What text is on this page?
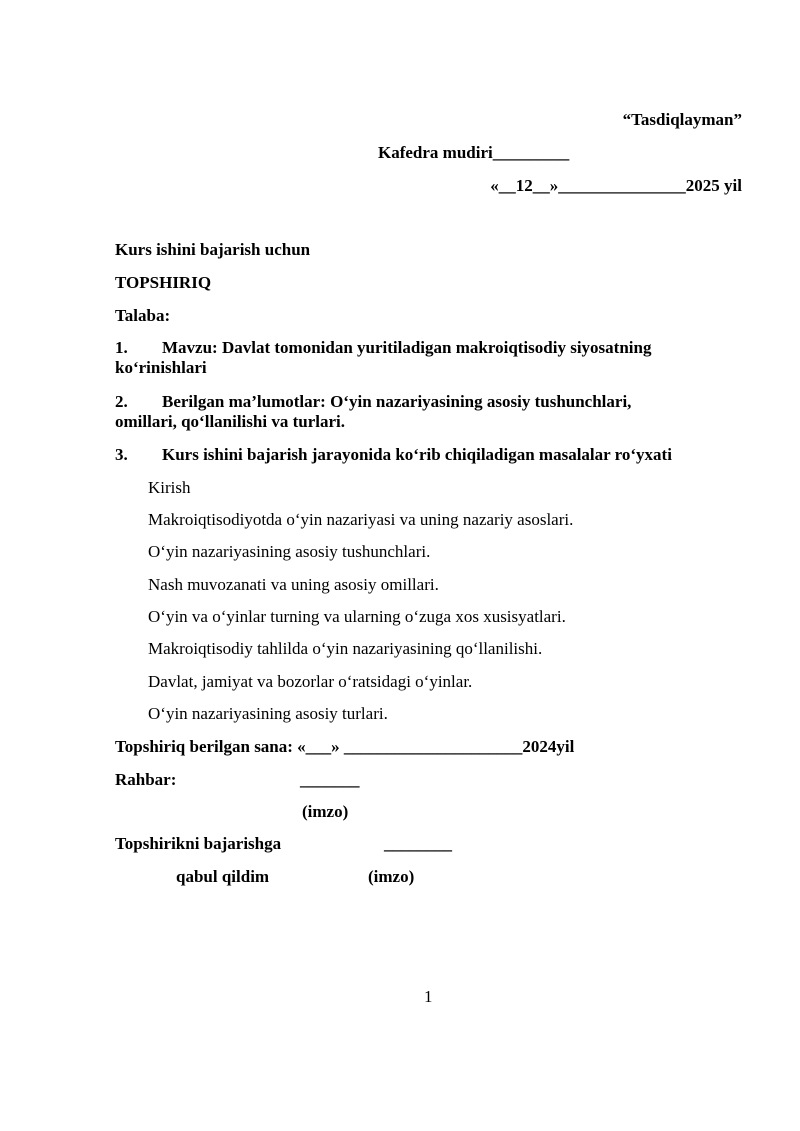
“Tasdiqlayman”
Kafedra mudiri_________
«__12__»_______________2025 yil
Kurs ishini bajarish uchun
TOPSHIRIQ
Talaba:
1. Mavzu: Davlat tomonidan yuritiladigan makroiqtisodiy siyosatning
ko‘rinishlari
2. Berilgan ma’lumotlar: O‘yin nazariyasining asosiy tushunchlari,
omillari, qo‘llanilishi va turlari.
3. Kurs ishini bajarish jarayonida ko‘rib chiqiladigan masalalar ro‘yxati
Kirish
Makroiqtisodiyotda o‘yin nazariyasi va uning nazariy asoslari.
O‘yin nazariyasining asosiy tushunchlari.
Nash muvozanati va uning asosiy omillari.
O‘yin va o‘yinlar turning va ularning o‘zuga xos xusisyatlari.
Makroiqtisodiy tahlilda o‘yin nazariyasining qo‘llanilishi.
Davlat, jamiyat va bozorlar o‘ratsidagi o‘yinlar.
O‘yin nazariyasining asosiy turlari.
Topshiriq berilgan sana: «___» _____________________2024yil
Rahbar:	_______
(imzo)
Topshirikni bajarishga	________
qabul qildim	(imzo)
1
